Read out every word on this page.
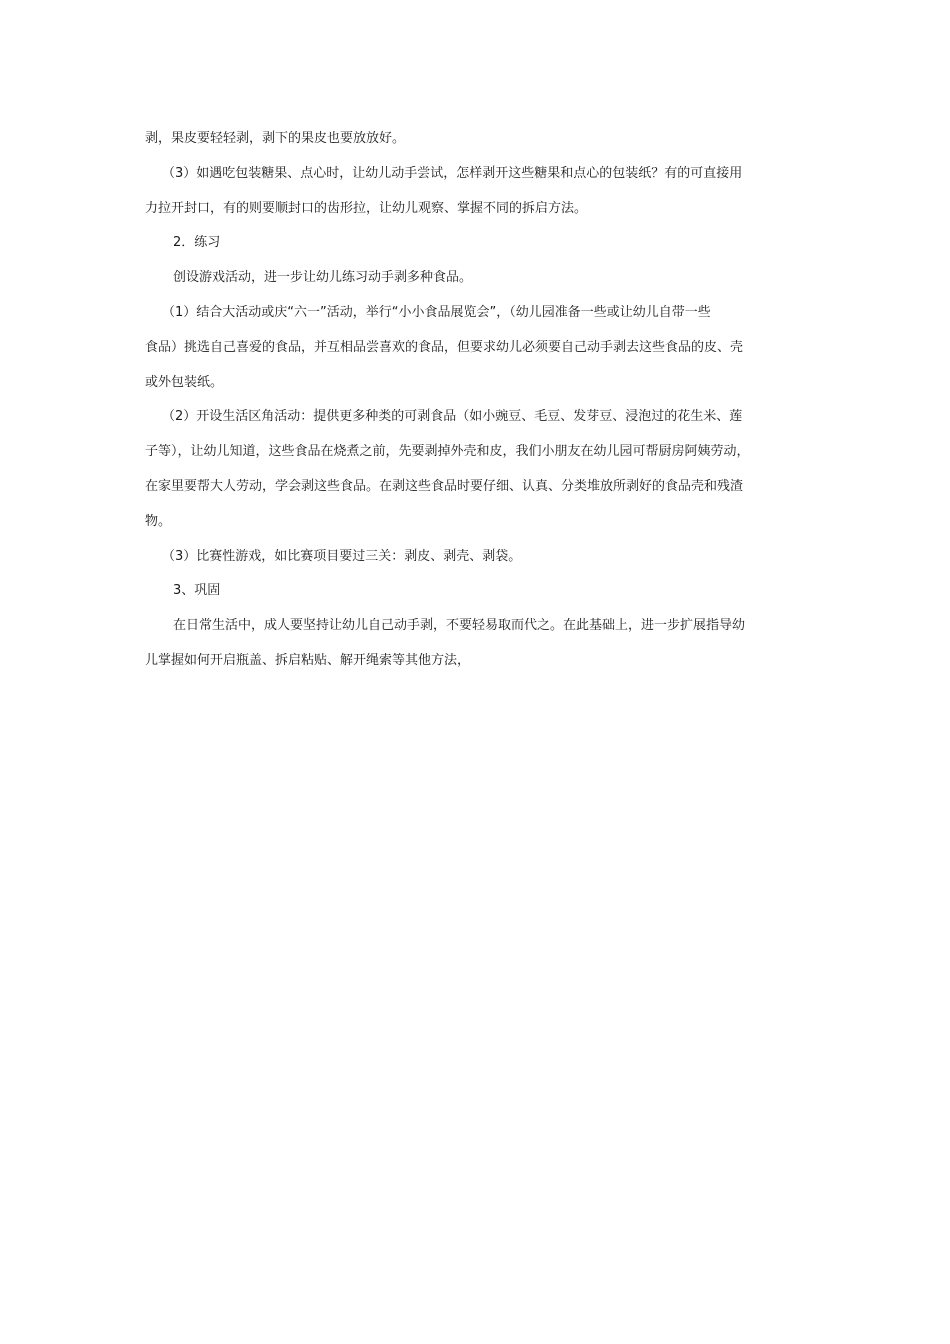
剥，果皮要轻轻剥，剥下的果皮也要放放好。
（3）如遇吃包装糖果、点心时，让幼儿动手尝试，怎样剥开这些糖果和点心的包装纸？有的可直接用
力拉开封口，有的则要顺封口的齿形拉，让幼儿观察、掌握不同的拆启方法。
2．练习
创设游戏活动，进一步让幼儿练习动手剥多种食品。
（1）结合大活动或庆“六一”活动，举行“小小食品展览会”，（幼儿园准备一些或让幼儿自带一些
食品）挑选自己喜爱的食品，并互相品尝喜欢的食品，但要求幼儿必须要自己动手剥去这些食品的皮、壳
或外包装纸。
（2）开设生活区角活动：提供更多种类的可剥食品（如小豌豆、毛豆、发芽豆、浸泡过的花生米、莲
子等），让幼儿知道，这些食品在烧煮之前，先要剥掉外壳和皮，我们小朋友在幼儿园可帮厨房阿姨劳动，
在家里要帮大人劳动，学会剥这些食品。在剥这些食品时要仔细、认真、分类堆放所剥好的食品壳和残渣
物。
（3）比赛性游戏，如比赛项目要过三关：剥皮、剥壳、剥袋。
3、巩固
在日常生活中，成人要坚持让幼儿自己动手剥，不要轻易取而代之。在此基础上，进一步扩展指导幼
儿掌握如何开启瓶盖、拆启粘贴、解开绳索等其他方法，
